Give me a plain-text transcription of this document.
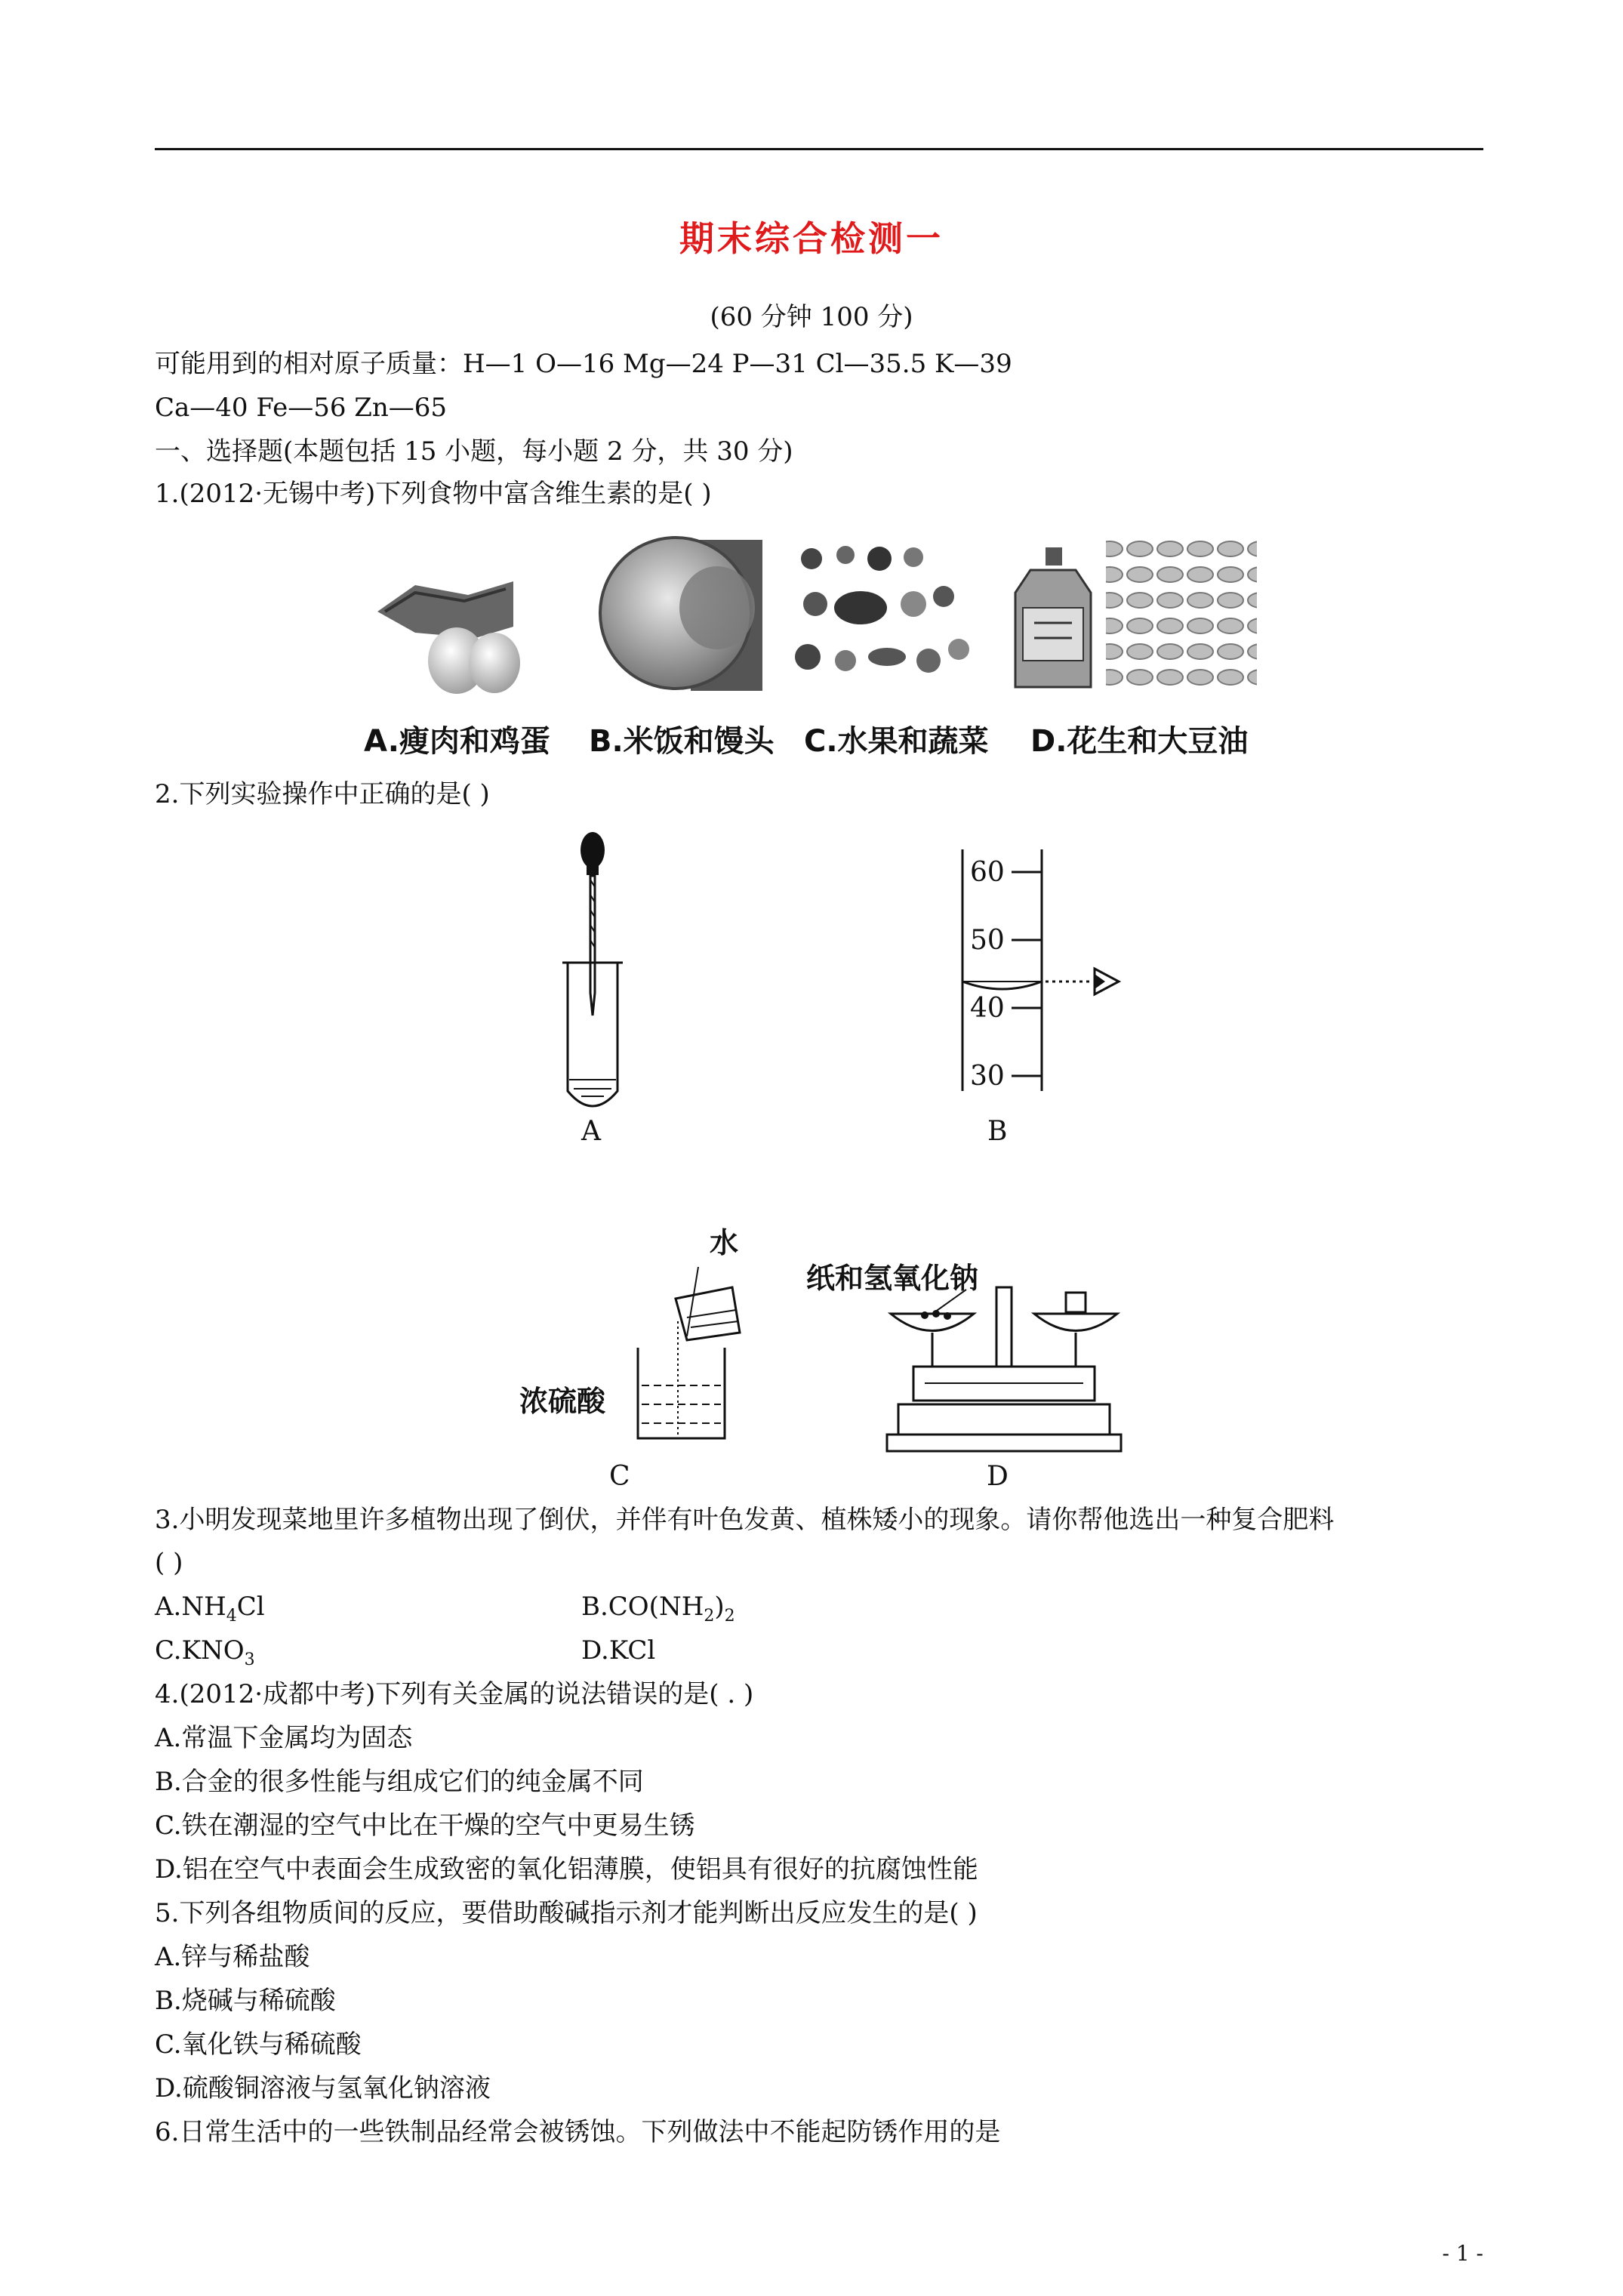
期末综合检测一
(60 分钟 100 分)
可能用到的相对原子质量：H—1 O—16 Mg—24 P—31 Cl—35.5 K—39
Ca—40 Fe—56 Zn—65
一、选择题(本题包括 15 小题，每小题 2 分，共 30 分)
1.(2012·无锡中考)下列食物中富含维生素的是( )
A.瘦肉和鸡蛋 B.米饭和馒头 C.水果和蔬菜 D.花生和大豆油
2.下列实验操作中正确的是( )
A
60
50
40
30
B
水
浓硫酸
C
纸和氢氧化钠
D
3.小明发现菜地里许多植物出现了倒伏，并伴有叶色发黄、植株矮小的现象。请你帮他选出一种复合肥料
( )
$A.NH_4Cl$	$B.CO(NH_2)_2$
$C.KNO_3$	D.KCl
4.(2012·成都中考)下列有关金属的说法错误的是( . )
A.常温下金属均为固态
B.合金的很多性能与组成它们的纯金属不同
C.铁在潮湿的空气中比在干燥的空气中更易生锈
D.铝在空气中表面会生成致密的氧化铝薄膜，使铝具有很好的抗腐蚀性能
5.下列各组物质间的反应，要借助酸碱指示剂才能判断出反应发生的是( )
A.锌与稀盐酸
B.烧碱与稀硫酸
C.氧化铁与稀硫酸
D.硫酸铜溶液与氢氧化钠溶液
6.日常生活中的一些铁制品经常会被锈蚀。下列做法中不能起防锈作用的是
- 1 -
